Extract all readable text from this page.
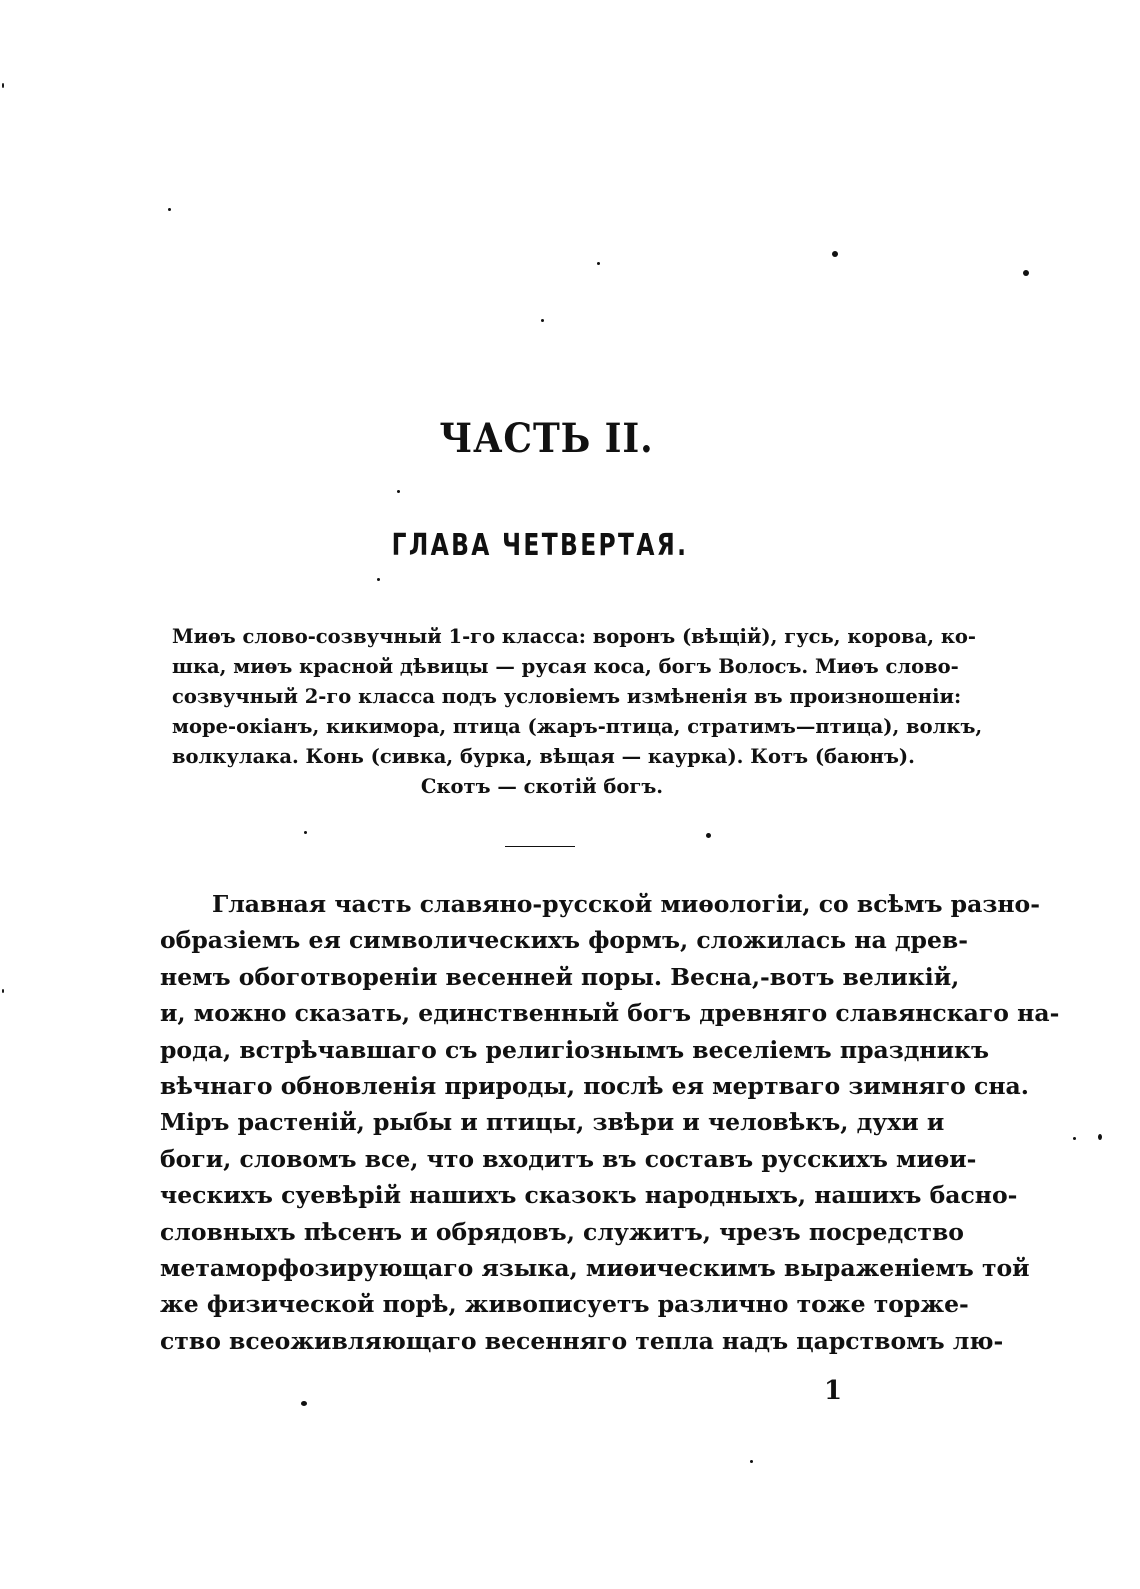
ЧАСТЬ II.
ГЛАВА ЧЕТВЕРТАЯ.
Миѳъ слово-созвучный 1-го класса: воронъ (вѣщій), гусь, корова, ко-
шка, миѳъ красной дѣвицы — русая коса, богъ Волосъ. Миѳъ слово-
созвучный 2-го класса подъ условіемъ измѣненія въ произношеніи:
море-окіанъ, кикимора, птица (жаръ-птица, стратимъ—птица), волкъ,
волкулака. Конь (сивка, бурка, вѣщая — каурка). Котъ (баюнъ).
Скотъ — скотій богъ.
Главная часть славяно-русской миѳологіи, со всѣмъ разно-
образіемъ ея символическихъ формъ, сложилась на древ-
немъ обоготвореніи весенней поры. Весна,-вотъ великій,
и, можно сказать, единственный богъ древняго славянскаго на-
рода, встрѣчавшаго съ религіознымъ веселіемъ праздникъ
вѣчнаго обновленія природы, послѣ ея мертваго зимняго сна.
Міръ растеній, рыбы и птицы, звѣри и человѣкъ, духи и
боги, словомъ все, что входитъ въ составъ русскихъ миѳи-
ческихъ суевѣрій нашихъ сказокъ народныхъ, нашихъ басно-
словныхъ пѣсенъ и обрядовъ, служитъ, чрезъ посредство
метаморфозирующаго языка, миѳическимъ выраженіемъ той
же физической порѣ, живописуетъ различно тоже торже-
ство всеоживляющаго весенняго тепла надъ царствомъ лю-
1
